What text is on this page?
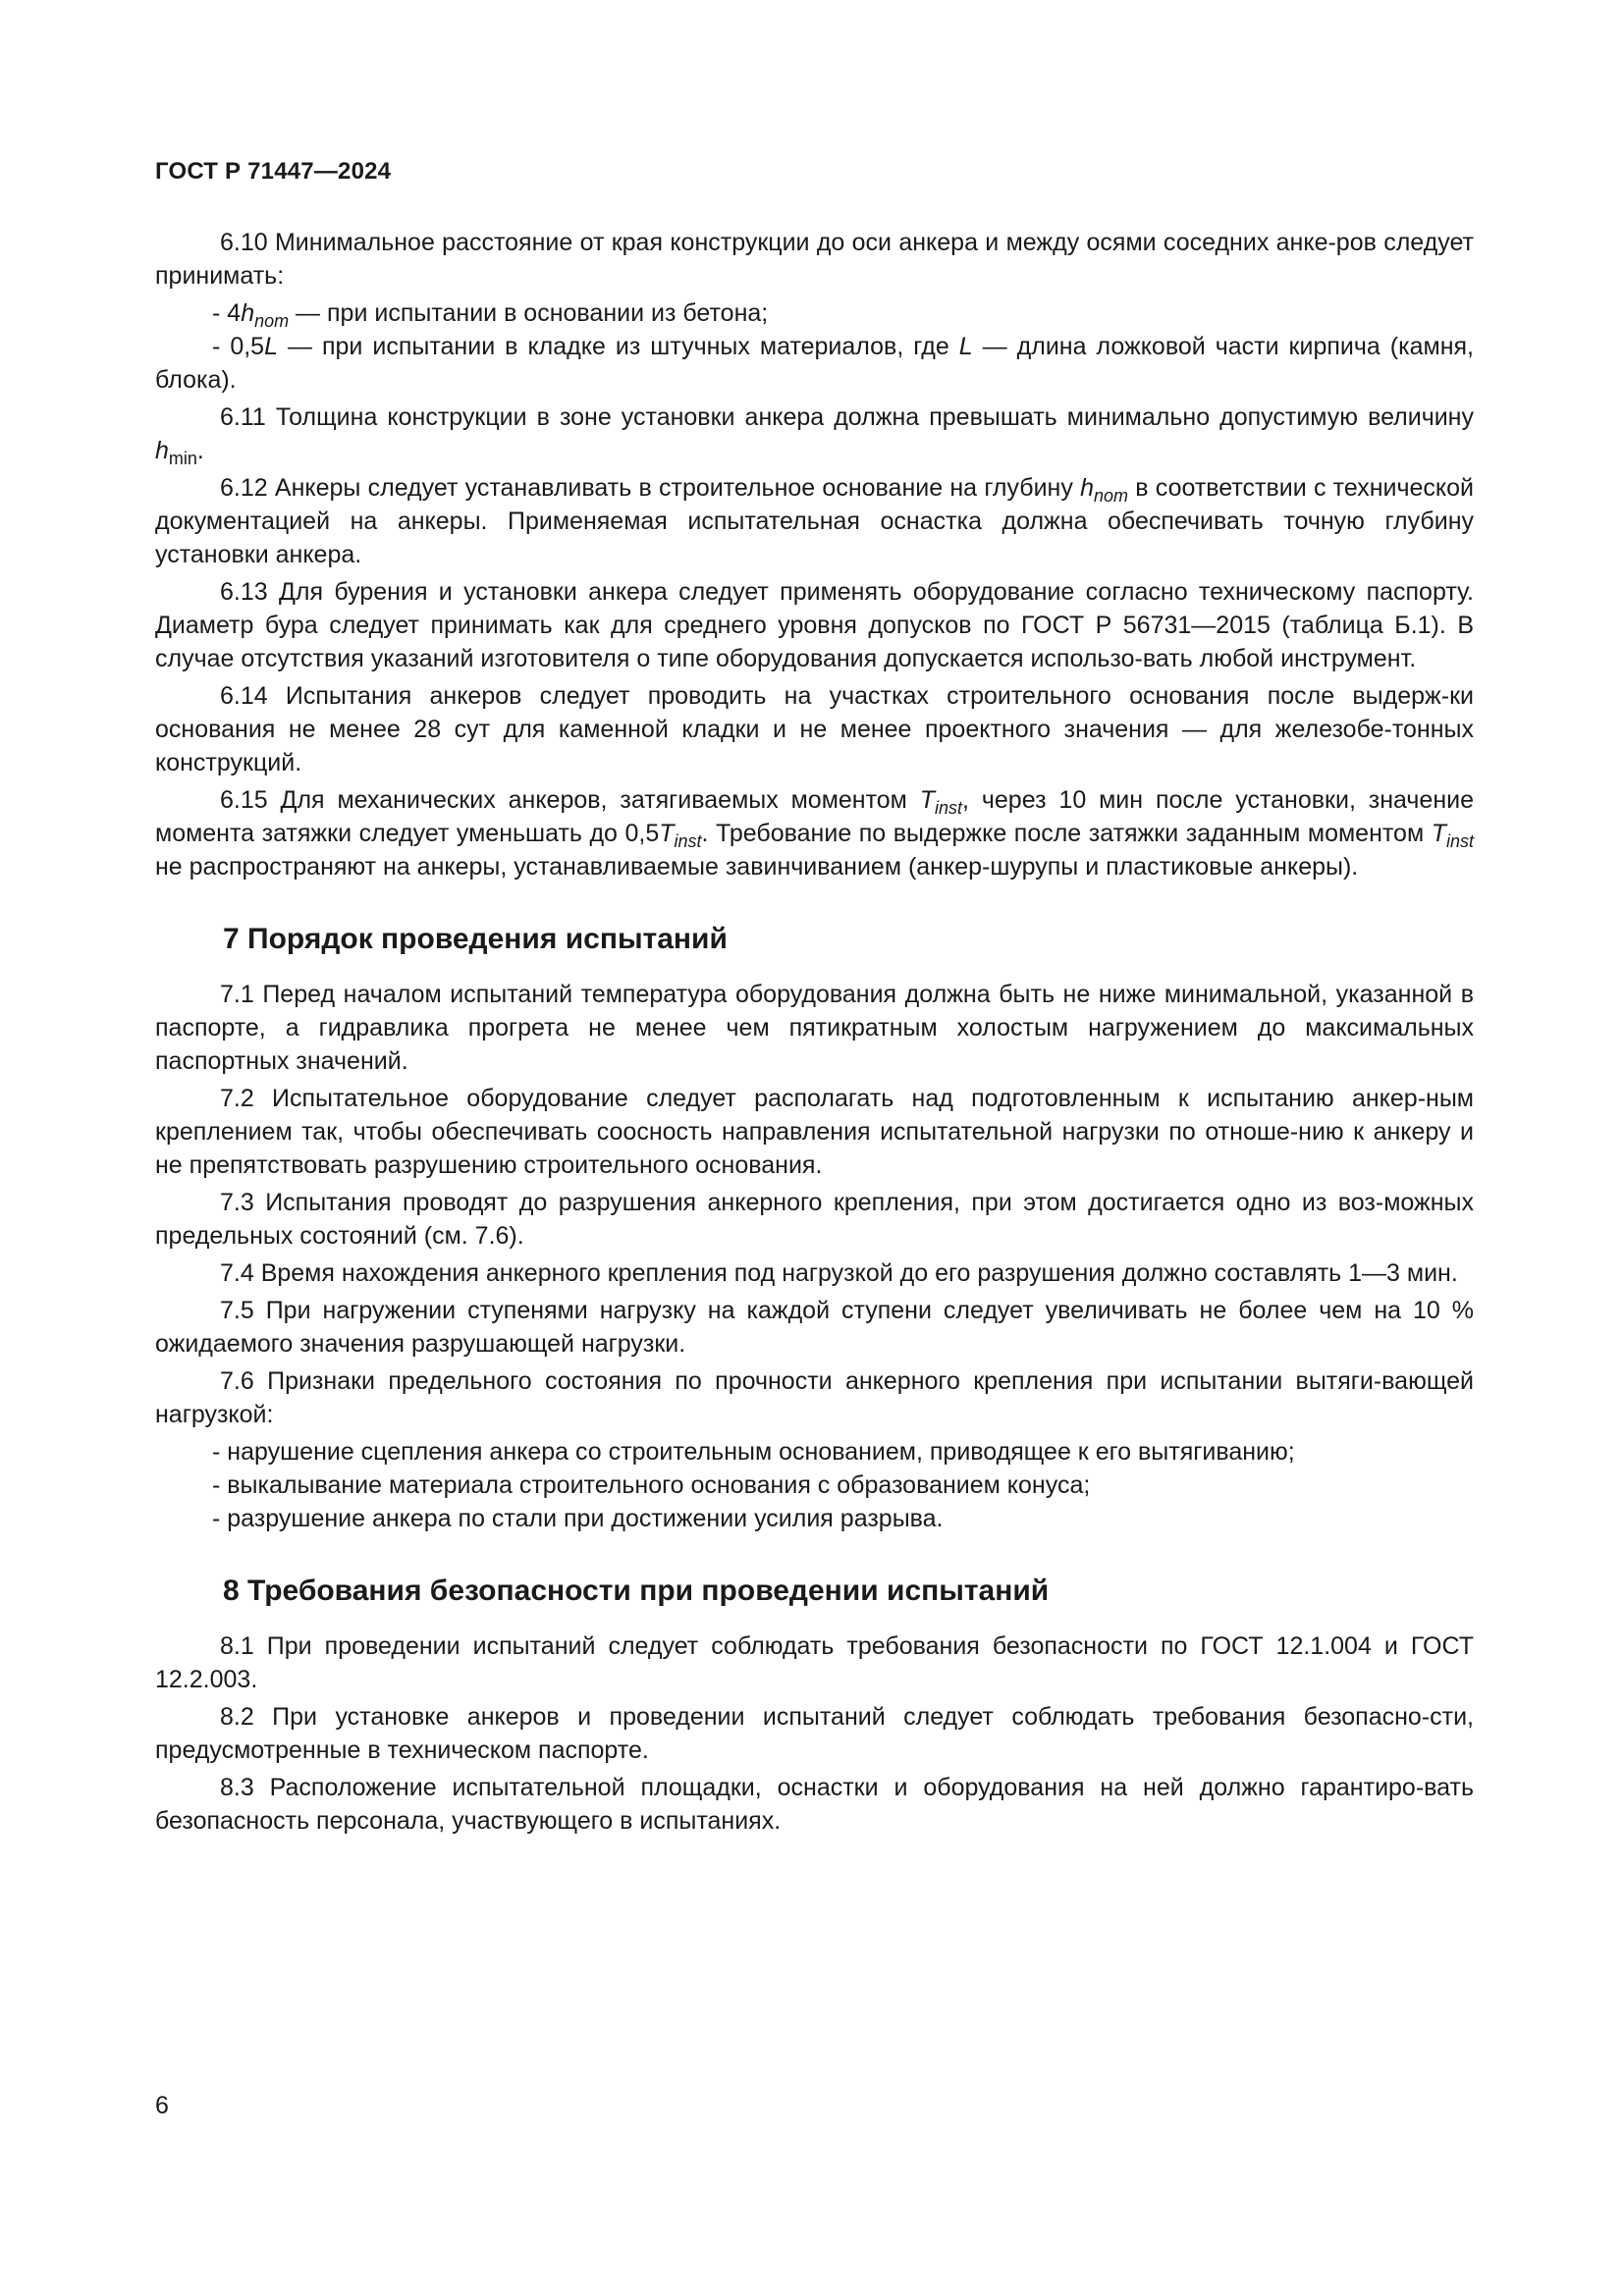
ГОСТ Р 71447—2024

6.10 Минимальное расстояние от края конструкции до оси анкера и между осями соседних анке-ров следует принимать:

- $4h_{nom}$ — при испытании в основании из бетона;

- 0,5L — при испытании в кладке из штучных материалов, где L — длина ложковой части кирпича (камня, блока).

6.11 Толщина конструкции в зоне установки анкера должна превышать минимально допустимую величину $h_{min}$.

6.12 Анкеры следует устанавливать в строительное основание на глубину $h_{nom}$ в соответствии с технической документацией на анкеры. Применяемая испытательная оснастка должна обеспечивать точную глубину установки анкера.

6.13 Для бурения и установки анкера следует применять оборудование согласно техническому паспорту. Диаметр бура следует принимать как для среднего уровня допусков по ГОСТ Р 56731—2015 (таблица Б.1). В случае отсутствия указаний изготовителя о типе оборудования допускается использо-вать любой инструмент.

6.14 Испытания анкеров следует проводить на участках строительного основания после выдерж-ки основания не менее 28 сут для каменной кладки и не менее проектного значения — для железобе-тонных конструкций.

6.15 Для механических анкеров, затягиваемых моментом $T_{inst}$, через 10 мин после установки, значение момента затяжки следует уменьшать до $0,5T_{inst}$. Требование по выдержке после затяжки заданным моментом $T_{inst}$ не распространяют на анкеры, устанавливаемые завинчиванием (анкер-шурупы и пластиковые анкеры).

7 Порядок проведения испытаний

7.1 Перед началом испытаний температура оборудования должна быть не ниже минимальной, указанной в паспорте, а гидравлика прогрета не менее чем пятикратным холостым нагружением до максимальных паспортных значений.

7.2 Испытательное оборудование следует располагать над подготовленным к испытанию анкер-ным креплением так, чтобы обеспечивать соосность направления испытательной нагрузки по отноше-нию к анкеру и не препятствовать разрушению строительного основания.

7.3 Испытания проводят до разрушения анкерного крепления, при этом достигается одно из воз-можных предельных состояний (см. 7.6).

7.4 Время нахождения анкерного крепления под нагрузкой до его разрушения должно составлять 1—3 мин.

7.5 При нагружении ступенями нагрузку на каждой ступени следует увеличивать не более чем на 10 % ожидаемого значения разрушающей нагрузки.

7.6 Признаки предельного состояния по прочности анкерного крепления при испытании вытяги-вающей нагрузкой:

- нарушение сцепления анкера со строительным основанием, приводящее к его вытягиванию;

- выкалывание материала строительного основания с образованием конуса;

- разрушение анкера по стали при достижении усилия разрыва.

8 Требования безопасности при проведении испытаний

8.1 При проведении испытаний следует соблюдать требования безопасности по ГОСТ 12.1.004 и ГОСТ 12.2.003.

8.2 При установке анкеров и проведении испытаний следует соблюдать требования безопасно-сти, предусмотренные в техническом паспорте.

8.3 Расположение испытательной площадки, оснастки и оборудования на ней должно гарантиро-вать безопасность персонала, участвующего в испытаниях.

6
